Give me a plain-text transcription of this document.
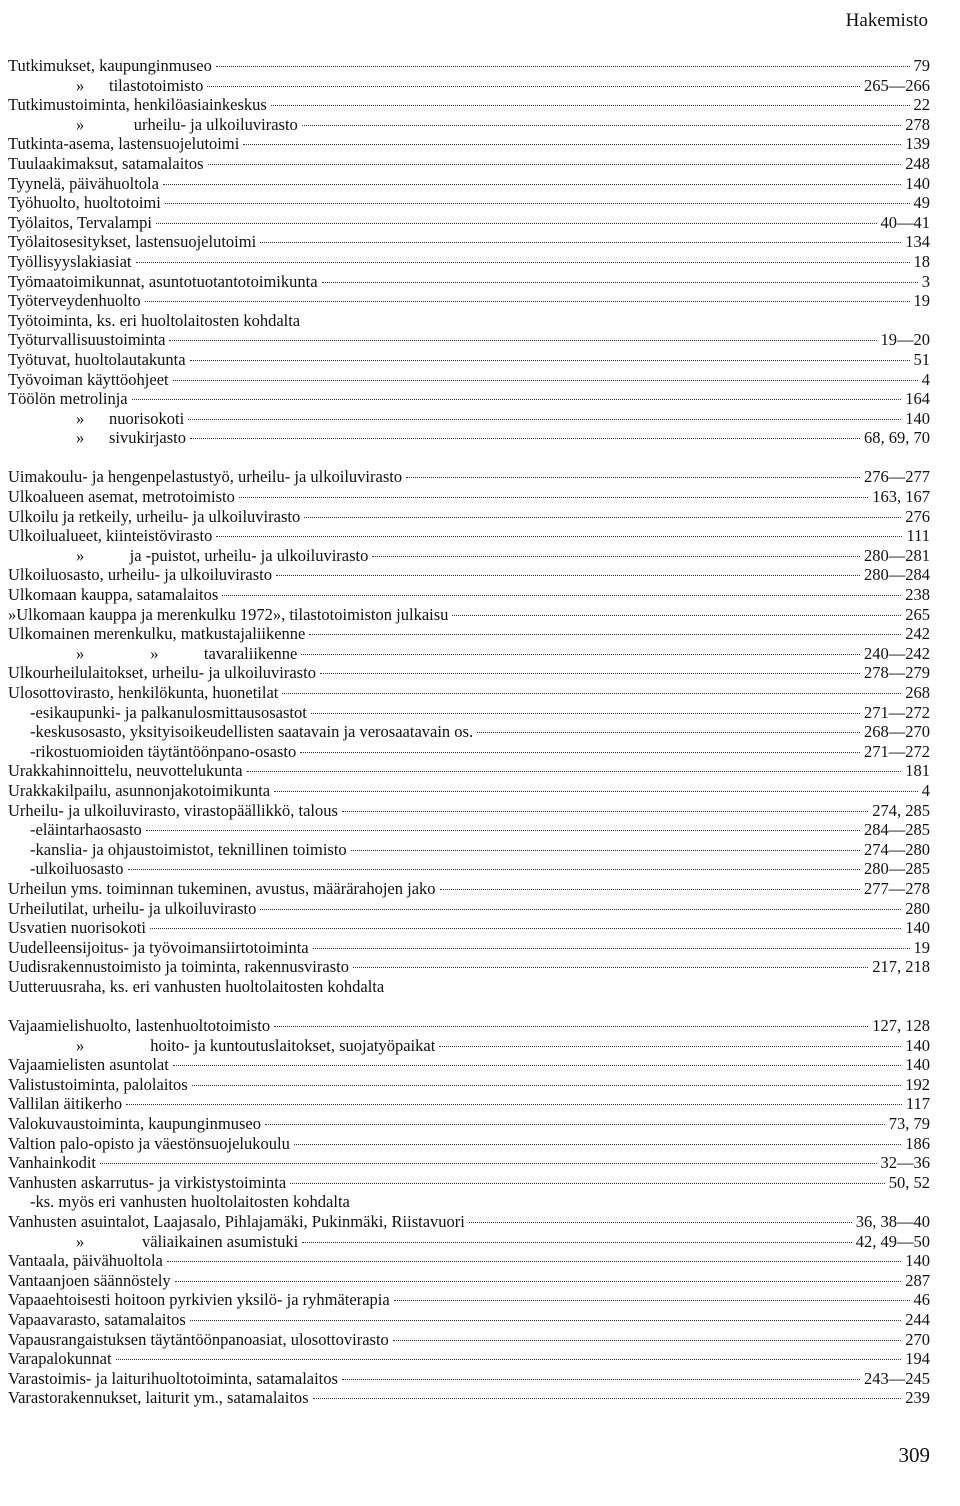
Hakemisto
Tutkimukset, kaupunginmuseo	79
»      tilastotoimisto	265—266
Tutkimustoiminta, henkilöasiainkeskus	22
»            urheilu- ja ulkoiluvirasto	278
Tutkinta-asema, lastensuojelutoimi	139
Tuulaakimaksut, satamalaitos	248
Tyynelä, päivähuoltola	140
Työhuolto, huoltotoimi	49
Työlaitos, Tervalampi	40—41
Työlaitosesitykset, lastensuojelutoimi	134
Työllisyyslakiasiat	18
Työmaatoimikunnat, asuntotuotantotoimikunta	3
Työterveydenhuolto	19
Työtoiminta, ks. eri huoltolaitosten kohdalta
Työturvallisuustoiminta	19—20
Työtuvat, huoltolautakunta	51
Työvoiman käyttöohjeet	4
Töölön metrolinja	164
»      nuorisokoti	140
»      sivukirjasto	68, 69, 70
Uimakoulu- ja hengenpelastustyö, urheilu- ja ulkoiluvirasto	276—277
Ulkoalueen asemat, metrotoimisto	163, 167
Ulkoilu ja retkeily, urheilu- ja ulkoiluvirasto	276
Ulkoilualueet, kiinteistövirasto	111
»           ja -puistot, urheilu- ja ulkoiluvirasto	280—281
Ulkoiluosasto, urheilu- ja ulkoiluvirasto	280—284
Ulkomaan kauppa, satamalaitos	238
»Ulkomaan kauppa ja merenkulku 1972», tilastotoimiston julkaisu	265
Ulkomainen merenkulku, matkustajaliikenne	242
»                »           tavaraliikenne	240—242
Ulkourheilulaitokset, urheilu- ja ulkoiluvirasto	278—279
Ulosottovirasto, henkilökunta, huonetilat	268
-esikaupunki- ja palkanulosmittausosastot	271—272
-keskusosasto, yksityisoikeudellisten saatavain ja verosaatavain os.	268—270
-rikostuomioiden täytäntöönpano-osasto	271—272
Urakkahinnoittelu, neuvottelukunta	181
Urakkakilpailu, asunnonjakotoimikunta	4
Urheilu- ja ulkoiluvirasto, virastopäällikkö, talous	274, 285
-eläintarhaosasto	284—285
-kanslia- ja ohjaustoimistot, teknillinen toimisto	274—280
-ulkoiluosasto	280—285
Urheilun yms. toiminnan tukeminen, avustus, määrärahojen jako	277—278
Urheilutilat, urheilu- ja ulkoiluvirasto	280
Usvatien nuorisokoti	140
Uudelleensijoitus- ja työvoimansiirtotoiminta	19
Uudisrakennustoimisto ja toiminta, rakennusvirasto	217, 218
Uutteruusraha, ks. eri vanhusten huoltolaitosten kohdalta
Vajaamielishuolto, lastenhuoltotoimisto	127, 128
»                hoito- ja kuntoutuslaitokset, suojatyöpaikat	140
Vajaamielisten asuntolat	140
Valistustoiminta, palolaitos	192
Vallilan äitikerho	117
Valokuvaustoiminta, kaupunginmuseo	73, 79
Valtion palo-opisto ja väestönsuojelukoulu	186
Vanhainkodit	32—36
Vanhusten askarrutus- ja virkistystoiminta	50, 52
-ks. myös eri vanhusten huoltolaitosten kohdalta
Vanhusten asuintalot, Laajasalo, Pihlajamäki, Pukinmäki, Riistavuori	36, 38—40
»              väliaikainen asumistuki	42, 49—50
Vantaala, päivähuoltola	140
Vantaanjoen säännöstely	287
Vapaaehtoisesti hoitoon pyrkivien yksilö- ja ryhmäterapia	46
Vapaavarasto, satamalaitos	244
Vapausrangaistuksen täytäntöönpanoasiat, ulosottovirasto	270
Varapalokunnat	194
Varastoimis- ja laiturihuoltotoiminta, satamalaitos	243—245
Varastorakennukset, laiturit ym., satamalaitos	239
309
